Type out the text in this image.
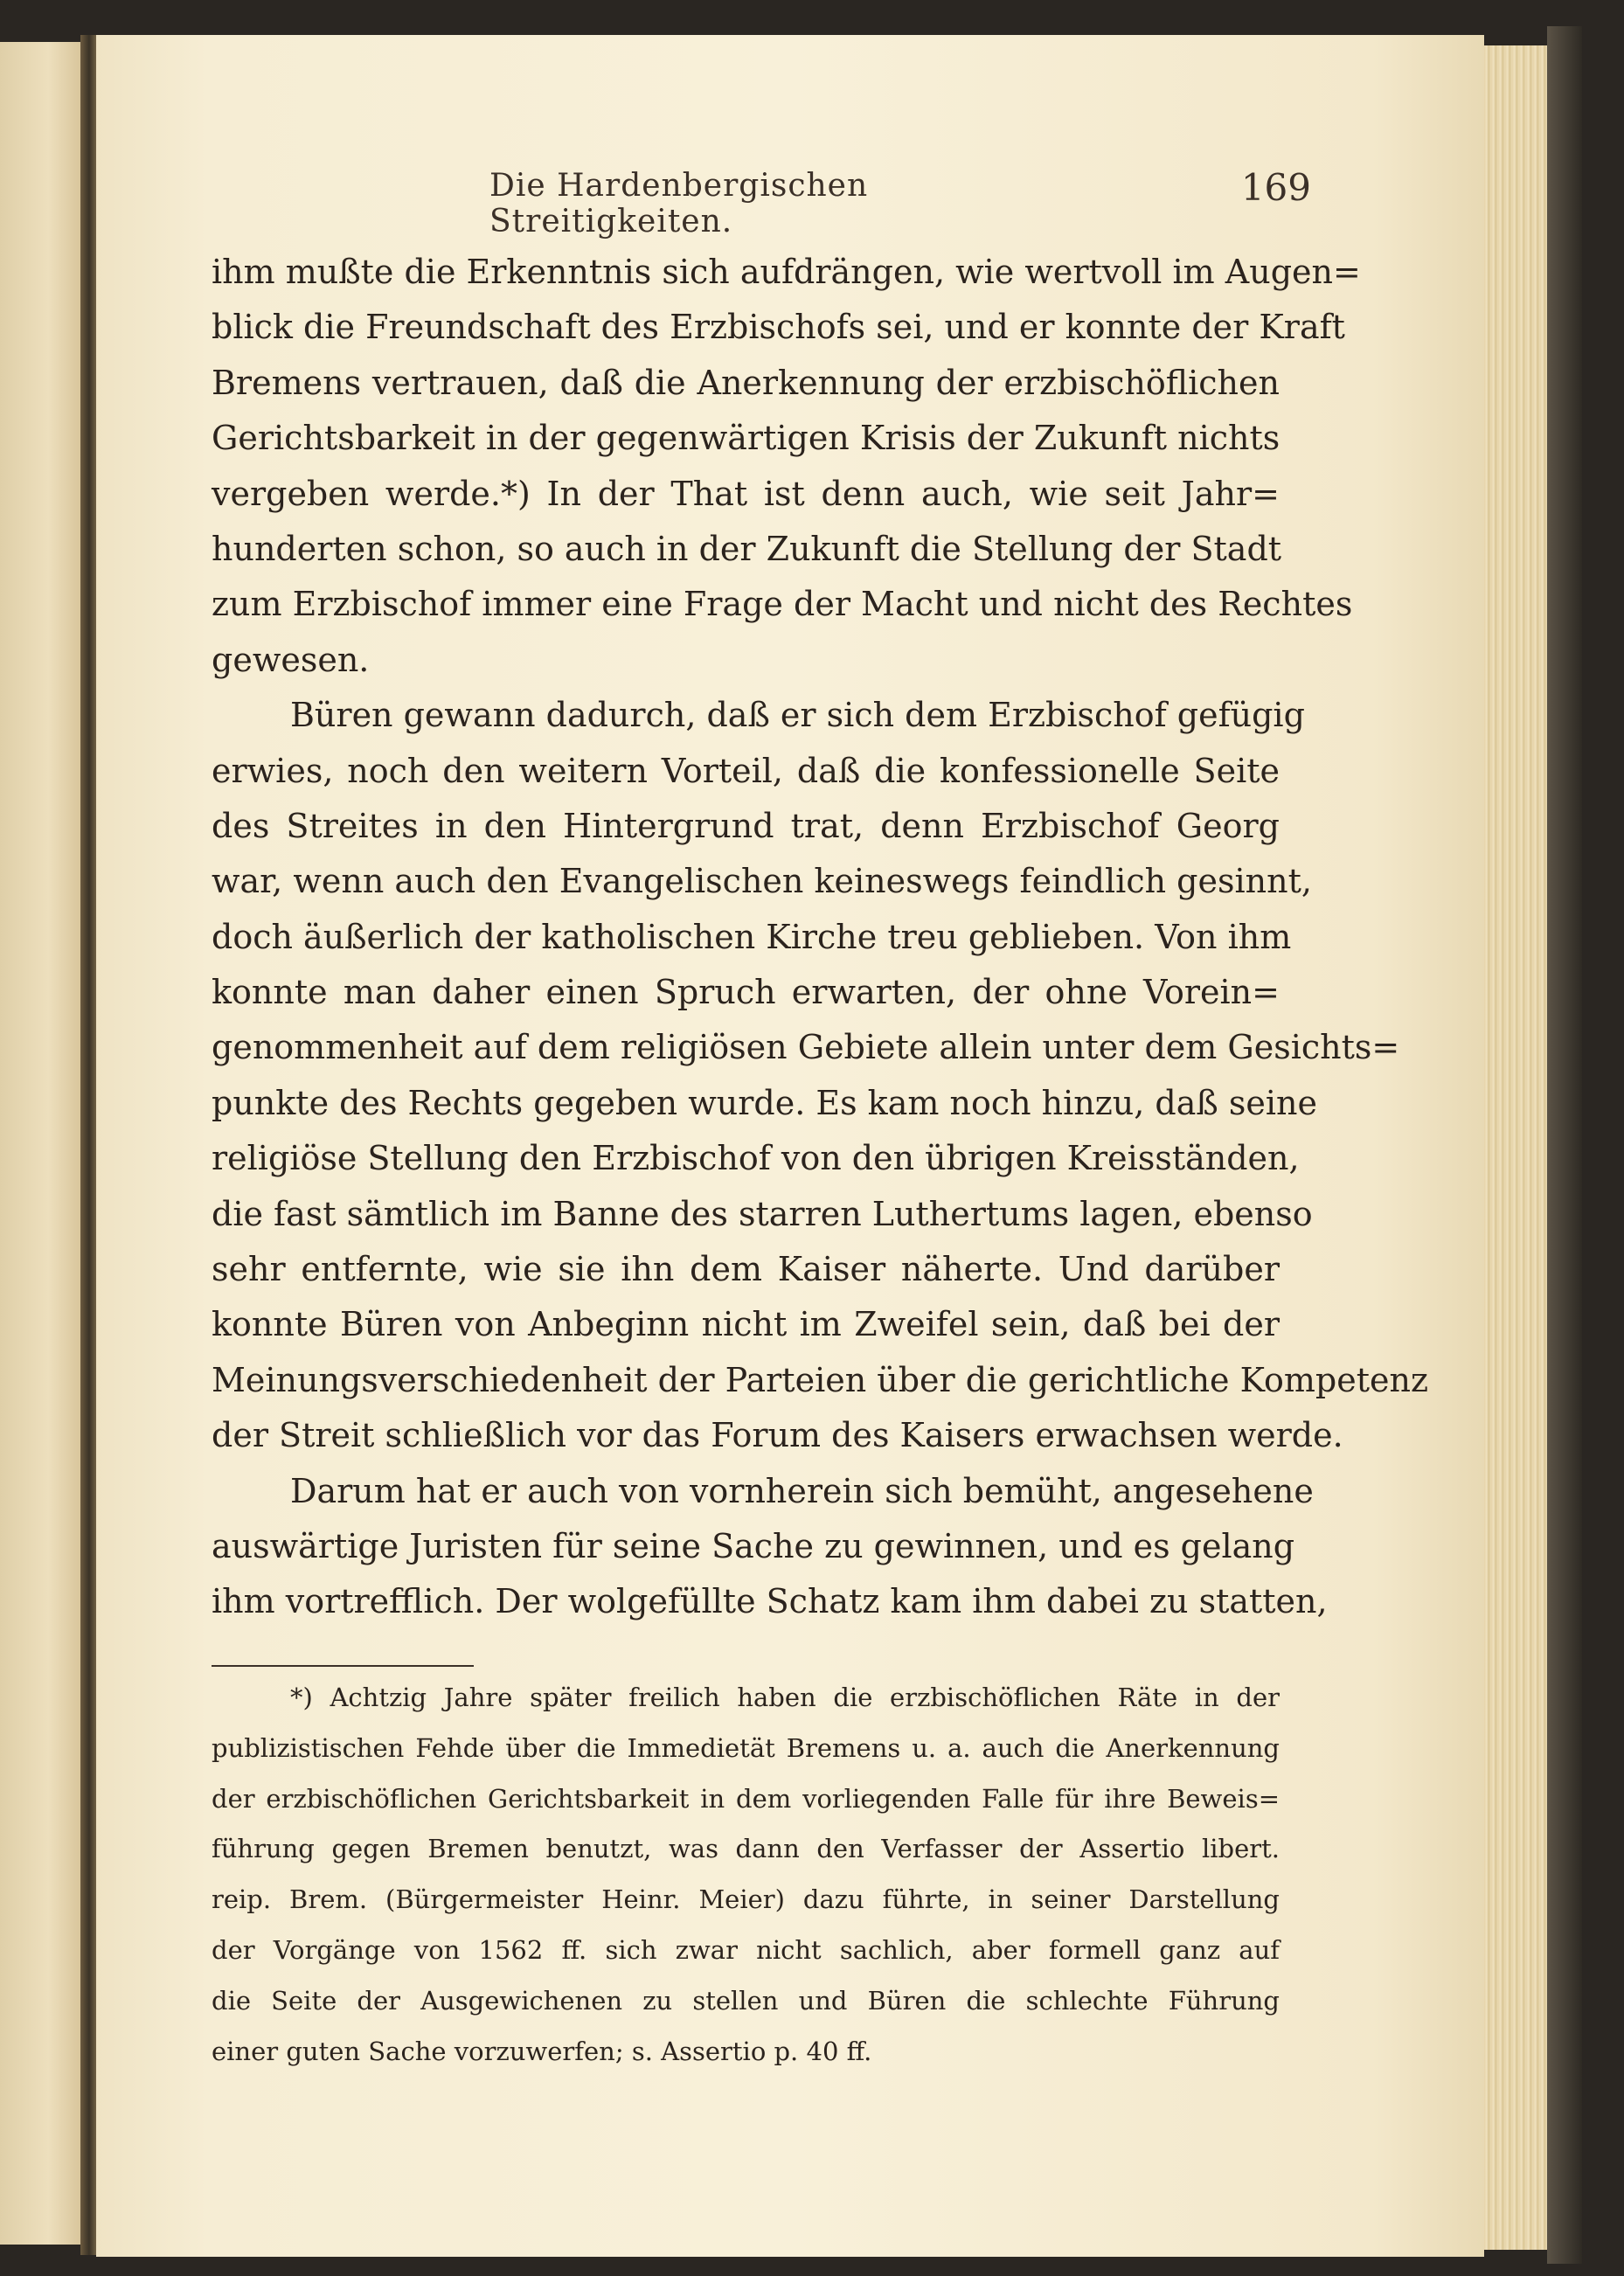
Die Hardenbergischen Streitigkeiten.
169
ihm mußte die Erkenntnis sich aufdrängen, wie wertvoll im Augen=
blick die Freundschaft des Erzbischofs sei, und er konnte der Kraft
Bremens vertrauen, daß die Anerkennung der erzbischöflichen
Gerichtsbarkeit in der gegenwärtigen Krisis der Zukunft nichts
vergeben werde.*) In der That ist denn auch, wie seit Jahr=
hunderten schon, so auch in der Zukunft die Stellung der Stadt
zum Erzbischof immer eine Frage der Macht und nicht des Rechtes
gewesen.
Büren gewann dadurch, daß er sich dem Erzbischof gefügig
erwies, noch den weitern Vorteil, daß die konfessionelle Seite
des Streites in den Hintergrund trat, denn Erzbischof Georg
war, wenn auch den Evangelischen keineswegs feindlich gesinnt,
doch äußerlich der katholischen Kirche treu geblieben. Von ihm
konnte man daher einen Spruch erwarten, der ohne Vorein=
genommenheit auf dem religiösen Gebiete allein unter dem Gesichts=
punkte des Rechts gegeben wurde. Es kam noch hinzu, daß seine
religiöse Stellung den Erzbischof von den übrigen Kreisständen,
die fast sämtlich im Banne des starren Luthertums lagen, ebenso
sehr entfernte, wie sie ihn dem Kaiser näherte. Und darüber
konnte Büren von Anbeginn nicht im Zweifel sein, daß bei der
Meinungsverschiedenheit der Parteien über die gerichtliche Kompetenz
der Streit schließlich vor das Forum des Kaisers erwachsen werde.
Darum hat er auch von vornherein sich bemüht, angesehene
auswärtige Juristen für seine Sache zu gewinnen, und es gelang
ihm vortrefflich. Der wolgefüllte Schatz kam ihm dabei zu statten,
*) Achtzig Jahre später freilich haben die erzbischöflichen Räte in der
publizistischen Fehde über die Immedietät Bremens u. a. auch die Anerkennung
der erzbischöflichen Gerichtsbarkeit in dem vorliegenden Falle für ihre Beweis=
führung gegen Bremen benutzt, was dann den Verfasser der Assertio libert.
reip. Brem. (Bürgermeister Heinr. Meier) dazu führte, in seiner Darstellung
der Vorgänge von 1562 ff. sich zwar nicht sachlich, aber formell ganz auf
die Seite der Ausgewichenen zu stellen und Büren die schlechte Führung
einer guten Sache vorzuwerfen; s. Assertio p. 40 ff.
